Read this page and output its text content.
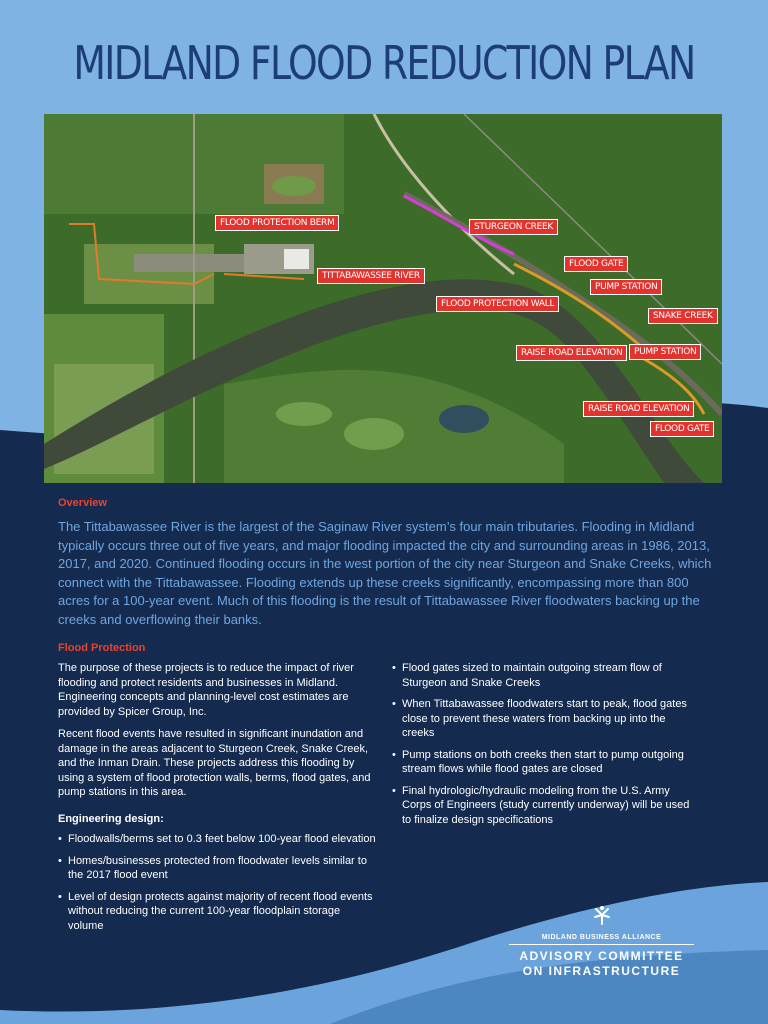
MIDLAND FLOOD REDUCTION PLAN
FLOOD PROTECTION BERM	STURGEON CREEK
FLOOD GATE
PUMP STATION
TITTABAWASSEE RIVER
FLOOD PROTECTION WALL
SNAKE CREEK
RAISE ROAD ELEVATION	PUMP STATION
RAISE ROAD ELEVATION
FLOOD GATE
Overview

The Tittabawassee River is the largest of the Saginaw River system’s four main tributaries. Flooding in Midland typically occurs three out of five years, and major flooding impacted the city and surrounding areas in 1986, 2013, 2017, and 2020. Continued flooding occurs in the west portion of the city near Sturgeon and Snake Creeks, which connect with the Tittabawassee. Flooding extends up these creeks significantly, encompassing more than 800 acres for a 100-year event. Much of this flooding is the result of Tittabawassee River floodwaters backing up the creeks and overflowing their banks.

Flood Protection

The purpose of these projects is to reduce the impact of river flooding and protect residents and businesses in Midland. Engineering concepts and planning-level cost estimates are provided by Spicer Group, Inc.

Recent flood events have resulted in significant inundation and damage in the areas adjacent to Sturgeon Creek, Snake Creek, and the Inman Drain. These projects address this flooding by using a system of flood protection walls, berms, flood gates, and pump stations in this area.

Engineering design:
• Floodwalls/berms set to 0.3 feet below 100-year flood elevation
• Homes/businesses protected from floodwater levels similar to the 2017 flood event
• Level of design protects against majority of recent flood events without reducing the current 100-year floodplain storage volume
• Flood gates sized to maintain outgoing stream flow of Sturgeon and Snake Creeks
• When Tittabawassee floodwaters start to peak, flood gates close to prevent these waters from backing up into the creeks
• Pump stations on both creeks then start to pump outgoing stream flows while flood gates are closed
• Final hydrologic/hydraulic modeling from the U.S. Army Corps of Engineers (study currently underway) will be used to finalize design specifications
MIDLAND BUSINESS ALLIANCE
ADVISORY COMMITTEE
ON INFRASTRUCTURE
